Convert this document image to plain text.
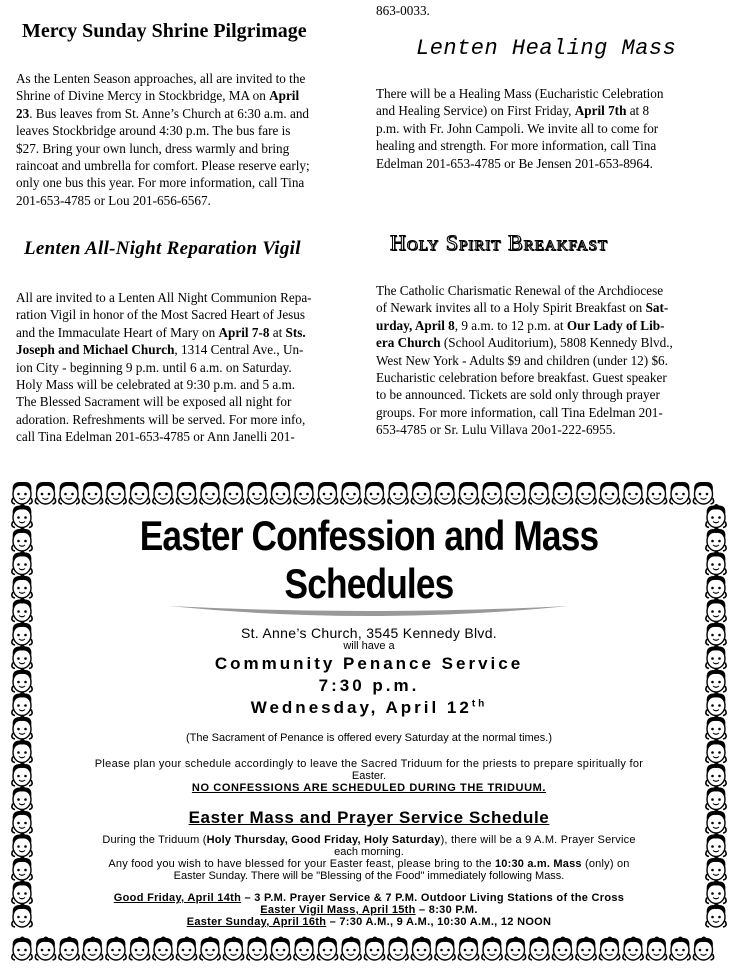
Mercy Sunday Shrine Pilgrimage
As the Lenten Season approaches, all are invited to the
Shrine of Divine Mercy in Stockbridge, MA on April
23. Bus leaves from St. Anne’s Church at 6:30 a.m. and
leaves Stockbridge around 4:30 p.m. The bus fare is
$27. Bring your own lunch, dress warmly and bring
raincoat and umbrella for comfort. Please reserve early;
only one bus this year. For more information, call Tina
201-653-4785 or Lou 201-656-6567.
Lenten All-Night Reparation Vigil
All are invited to a Lenten All Night Communion Repa-
ration Vigil in honor of the Most Sacred Heart of Jesus
and the Immaculate Heart of Mary on April 7-8 at Sts.
Joseph and Michael Church, 1314 Central Ave., Un-
ion City - beginning 9 p.m. until 6 a.m. on Saturday.
Holy Mass will be celebrated at 9:30 p.m. and 5 a.m.
The Blessed Sacrament will be exposed all night for
adoration. Refreshments will be served. For more info,
call Tina Edelman 201-653-4785 or Ann Janelli 201-
863-0033.
Lenten Healing Mass
There will be a Healing Mass (Eucharistic Celebration
and Healing Service) on First Friday, April 7th at 8
p.m. with Fr. John Campoli. We invite all to come for
healing and strength. For more information, call Tina
Edelman 201-653-4785 or Be Jensen 201-653-8964.
Holy Spirit Breakfast
The Catholic Charismatic Renewal of the Archdiocese
of Newark invites all to a Holy Spirit Breakfast on Sat-
urday, April 8, 9 a.m. to 12 p.m. at Our Lady of Lib-
era Church (School Auditorium), 5808 Kennedy Blvd.,
West New York - Adults $9 and children (under 12) $6.
Eucharistic celebration before breakfast. Guest speaker
to be announced. Tickets are sold only through prayer
groups. For more information, call Tina Edelman 201-
653-4785 or Sr. Lulu Villava 20o1-222-6955.
Easter Confession and Mass Schedules
St. Anne’s Church, 3545 Kennedy Blvd.
will have a
Community Penance Service
7:30 p.m.
Wednesday, April 12th
(The Sacrament of Penance is offered every Saturday at the normal times.)
Please plan your schedule accordingly to leave the Sacred Triduum for the priests to prepare spiritually for
Easter.
NO CONFESSIONS ARE SCHEDULED DURING THE TRIDUUM.
Easter Mass and Prayer Service Schedule
During the Triduum (Holy Thursday, Good Friday, Holy Saturday), there will be a 9 A.M. Prayer Service
each morning.
Any food you wish to have blessed for your Easter feast, please bring to the 10:30 a.m. Mass (only) on
Easter Sunday. There will be "Blessing of the Food" immediately following Mass.
Good Friday, April 14th – 3 P.M. Prayer Service & 7 P.M. Outdoor Living Stations of the Cross
Easter Vigil Mass, April 15th – 8:30 P.M.
Easter Sunday, April 16th – 7:30 A.M., 9 A.M., 10:30 A.M., 12 NOON
